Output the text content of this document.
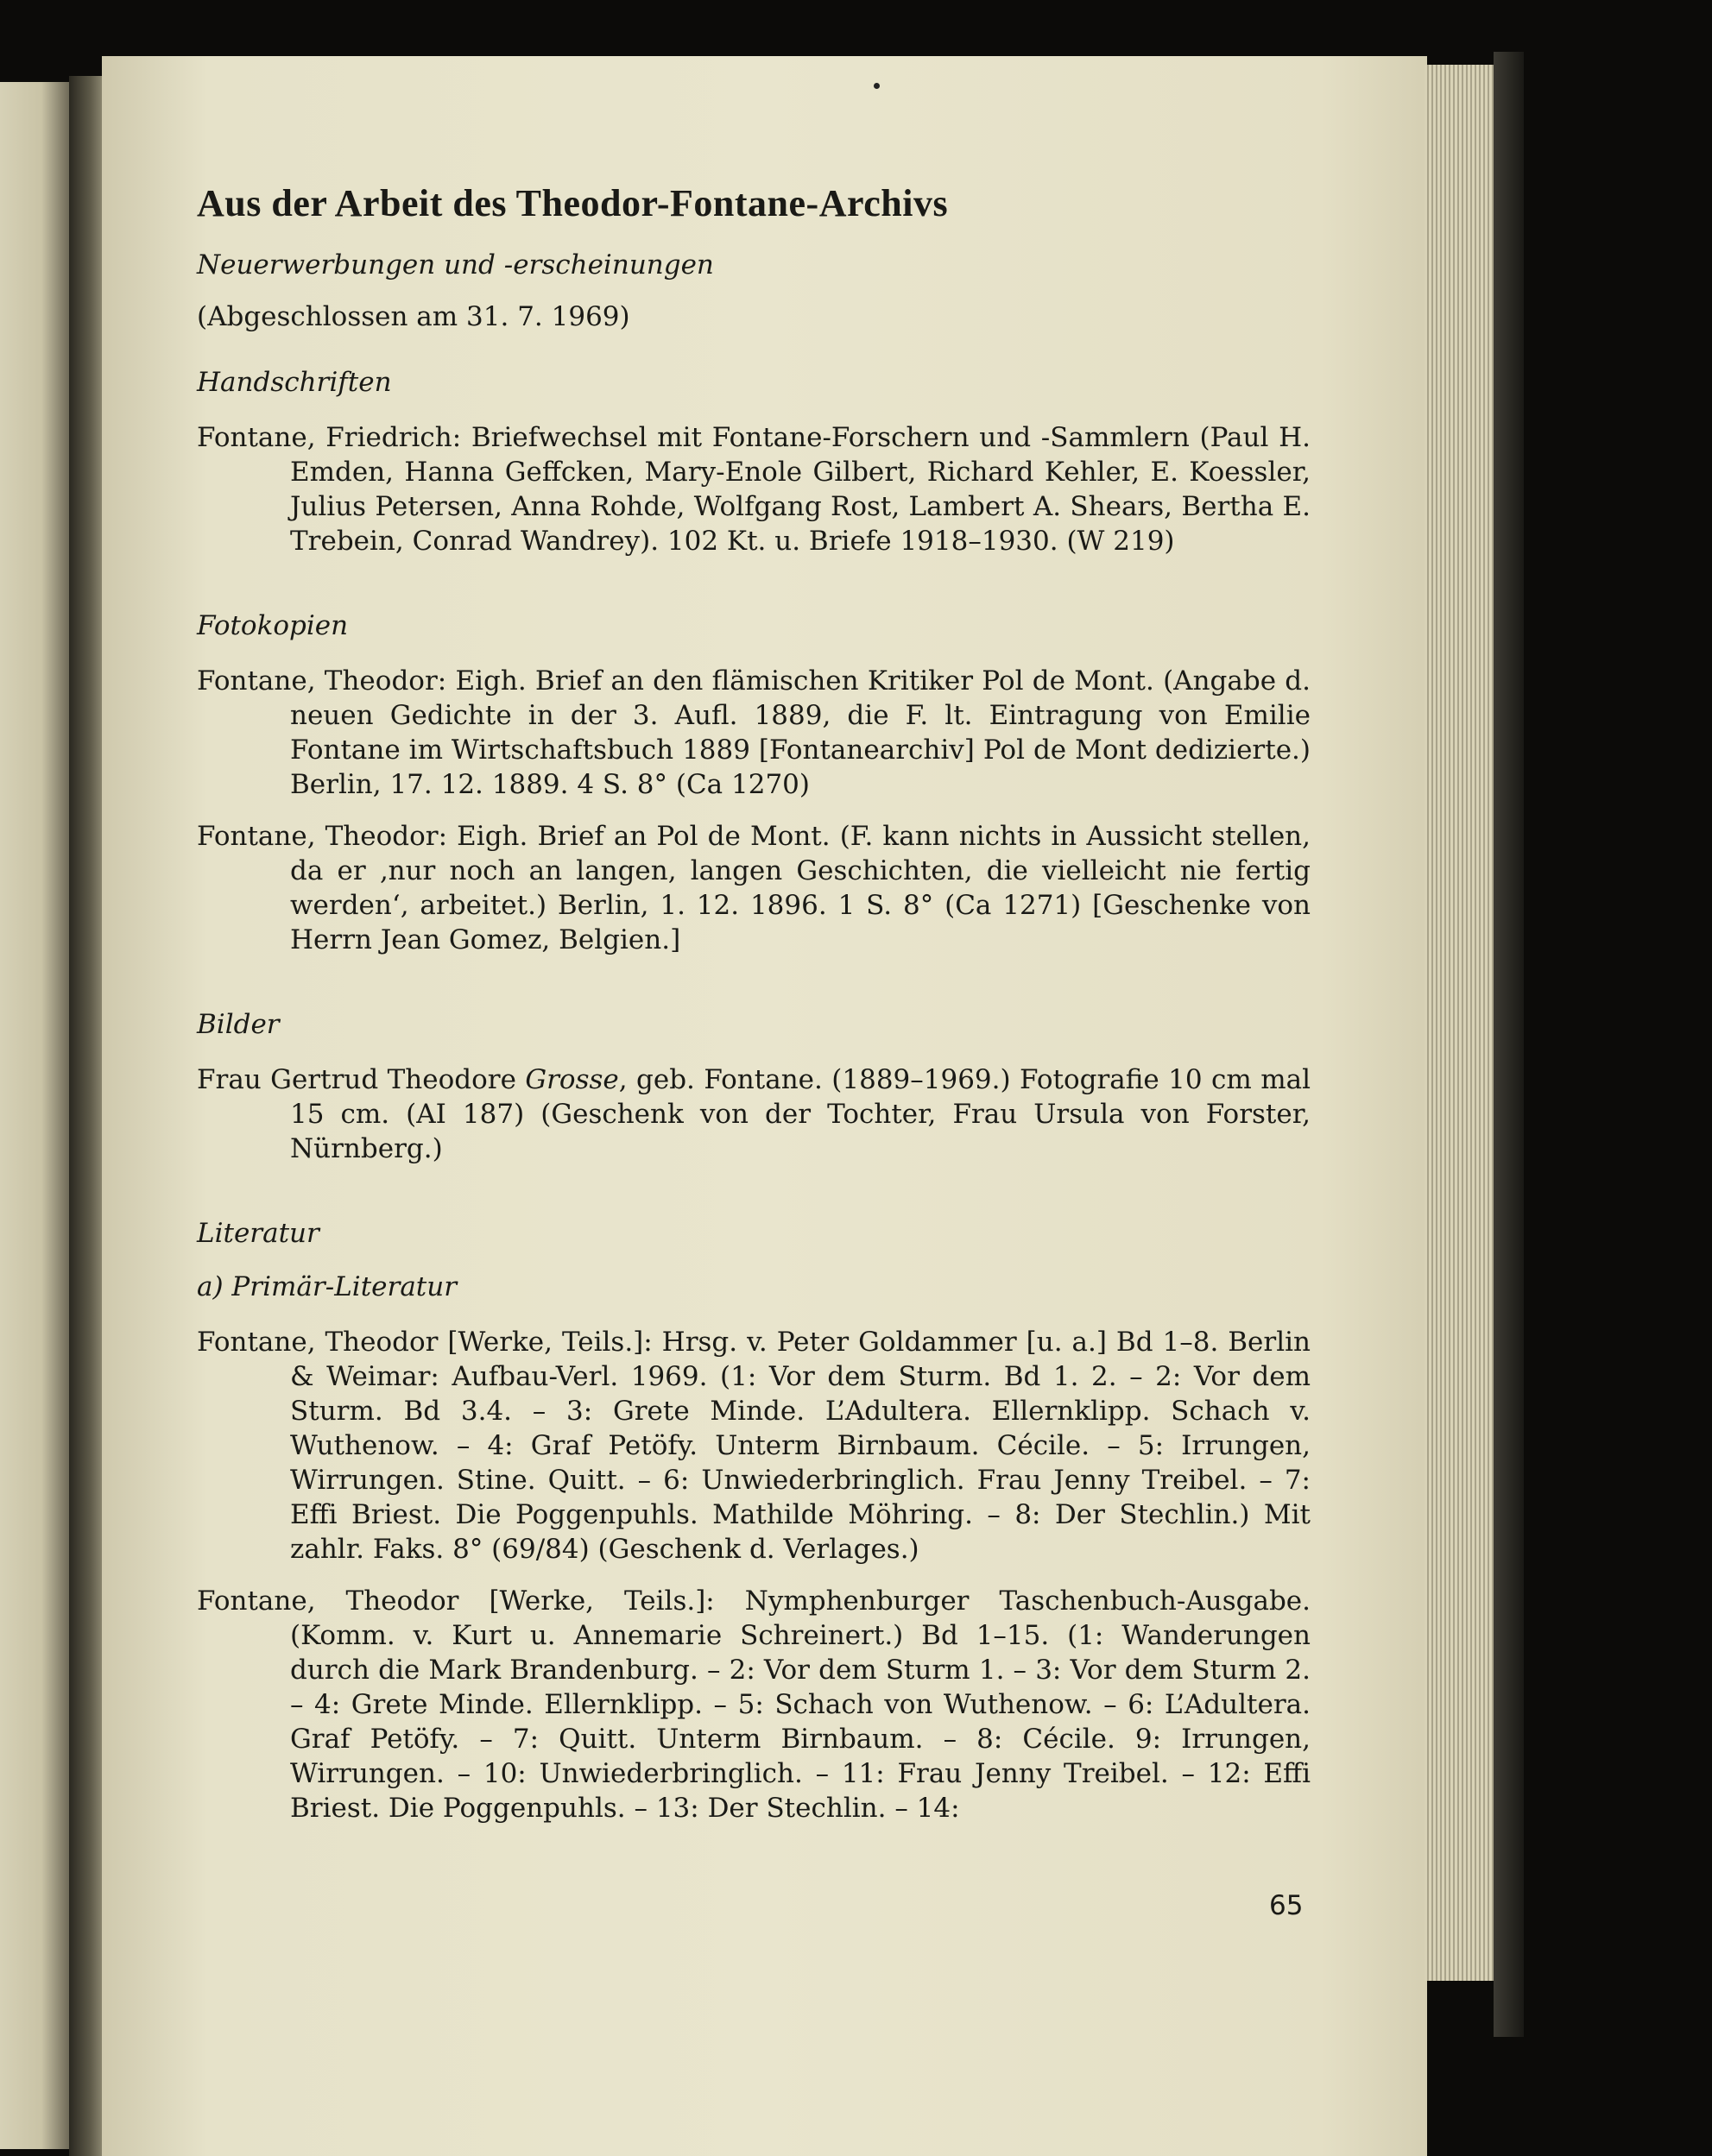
Aus der Arbeit des Theodor-Fontane-Archivs
Neuerwerbungen und -erscheinungen
(Abgeschlossen am 31. 7. 1969)
Handschriften
Fontane, Friedrich: Briefwechsel mit Fontane-Forschern und -Sammlern (Paul H. Emden, Hanna Geffcken, Mary-Enole Gilbert, Richard Kehler, E. Koessler, Julius Petersen, Anna Rohde, Wolfgang Rost, Lambert A. Shears, Bertha E. Trebein, Conrad Wandrey). 102 Kt. u. Briefe 1918–1930. (W 219)
Fotokopien
Fontane, Theodor: Eigh. Brief an den flämischen Kritiker Pol de Mont. (Angabe d. neuen Gedichte in der 3. Aufl. 1889, die F. lt. Eintragung von Emilie Fontane im Wirtschaftsbuch 1889 [Fontanearchiv] Pol de Mont dedizierte.) Berlin, 17. 12. 1889. 4 S. 8° (Ca 1270)
Fontane, Theodor: Eigh. Brief an Pol de Mont. (F. kann nichts in Aussicht stellen, da er ‚nur noch an langen, langen Geschichten, die vielleicht nie fertig werden‘, arbeitet.) Berlin, 1. 12. 1896. 1 S. 8° (Ca 1271) [Geschenke von Herrn Jean Gomez, Belgien.]
Bilder
Frau Gertrud Theodore Grosse, geb. Fontane. (1889–1969.) Fotografie 10 cm mal 15 cm. (AI 187) (Geschenk von der Tochter, Frau Ursula von Forster, Nürnberg.)
Literatur
a) Primär-Literatur
Fontane, Theodor [Werke, Teils.]: Hrsg. v. Peter Goldammer [u. a.] Bd 1–8. Berlin & Weimar: Aufbau-Verl. 1969. (1: Vor dem Sturm. Bd 1. 2. – 2: Vor dem Sturm. Bd 3.4. – 3: Grete Minde. L’Adultera. Ellernklipp. Schach v. Wuthenow. – 4: Graf Petöfy. Unterm Birnbaum. Cécile. – 5: Irrungen, Wirrungen. Stine. Quitt. – 6: Unwiederbringlich. Frau Jenny Treibel. – 7: Effi Briest. Die Poggenpuhls. Mathilde Möhring. – 8: Der Stechlin.) Mit zahlr. Faks. 8° (69/84) (Geschenk d. Verlages.)
Fontane, Theodor [Werke, Teils.]: Nymphenburger Taschenbuch-Ausgabe. (Komm. v. Kurt u. Annemarie Schreinert.) Bd 1–15. (1: Wanderungen durch die Mark Brandenburg. – 2: Vor dem Sturm 1. – 3: Vor dem Sturm 2. – 4: Grete Minde. Ellernklipp. – 5: Schach von Wuthenow. – 6: L’Adultera. Graf Petöfy. – 7: Quitt. Unterm Birnbaum. – 8: Cécile. 9: Irrungen, Wirrungen. – 10: Unwiederbringlich. – 11: Frau Jenny Treibel. – 12: Effi Briest. Die Poggenpuhls. – 13: Der Stechlin. – 14:
65
